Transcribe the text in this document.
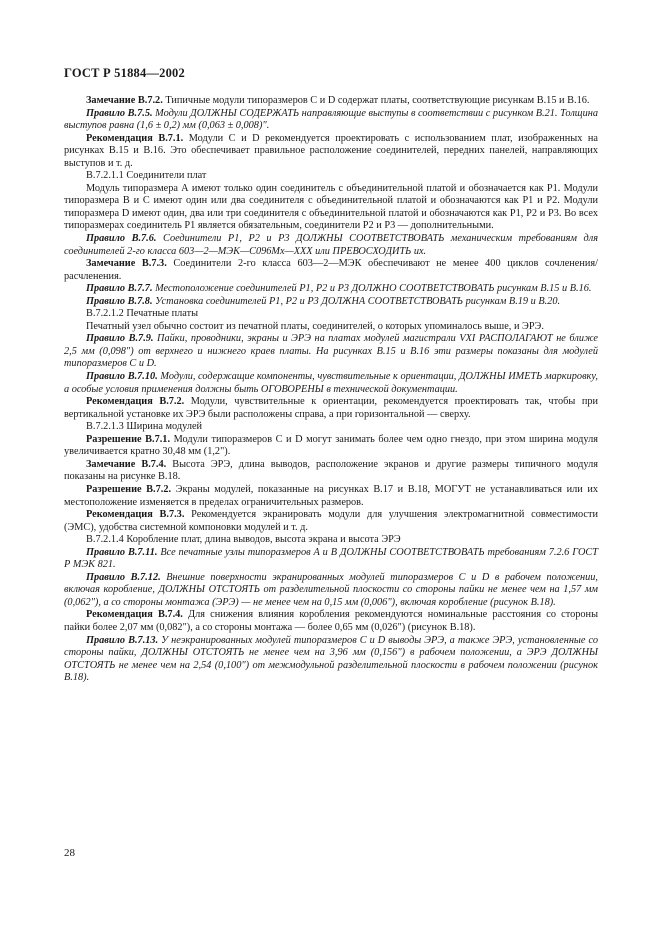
ГОСТ Р 51884—2002

Замечание В.7.2. Типичные модули типоразмеров С и D содержат платы, соответствующие рисункам В.15 и В.16.

Правило В.7.5. Модули ДОЛЖНЫ СОДЕРЖАТЬ направляющие выступы в соответствии с рисунком В.21. Толщина выступов равна (1,6 ± 0,2) мм (0,063 ± 0,008)".

Рекомендация В.7.1. Модули С и D рекомендуется проектировать с использованием плат, изображенных на рисунках В.15 и В.16. Это обеспечивает правильное расположение соединителей, передних панелей, направляющих выступов и т. д.

В.7.2.1.1 Соединители плат

Модуль типоразмера А имеют только один соединитель с объединительной платой и обозначается как Р1. Модули типоразмера В и С имеют один или два соединителя с объединительной платой и обозначаются как Р1 и Р2. Модули типоразмера D имеют один, два или три соединителя с объединительной платой и обозначаются как Р1, Р2 и Р3. Во всех типоразмерах соединитель Р1 является обязательным, соединители Р2 и Р3 — дополнительными.

Правило В.7.6. Соединители Р1, Р2 и Р3 ДОЛЖНЫ СООТВЕТСТВОВАТЬ механическим требованиям для соединителей 2-го класса 603—2—МЭК—С096Мх—ХХХ или ПРЕВОСХОДИТЬ их.

Замечание В.7.3. Соединители 2-го класса 603—2—МЭК обеспечивают не менее 400 циклов сочленения/расчленения.

Правило В.7.7. Местоположение соединителей Р1, Р2 и Р3 ДОЛЖНО СООТВЕТСТВОВАТЬ рисункам В.15 и В.16.

Правило В.7.8. Установка соединителей Р1, Р2 и Р3 ДОЛЖНА СООТВЕТСТВОВАТЬ рисункам В.19 и В.20.

В.7.2.1.2 Печатные платы

Печатный узел обычно состоит из печатной платы, соединителей, о которых упоминалось выше, и ЭРЭ.

Правило В.7.9. Пайки, проводники, экраны и ЭРЭ на платах модулей магистрали VXI РАСПОЛАГАЮТ не ближе 2,5 мм (0,098") от верхнего и нижнего краев платы. На рисунках В.15 и В.16 эти размеры показаны для модулей типоразмеров С и D.

Правило В.7.10. Модули, содержащие компоненты, чувствительные к ориентации, ДОЛЖНЫ ИМЕТЬ маркировку, а особые условия применения должны быть ОГОВОРЕНЫ в технической документации.

Рекомендация В.7.2. Модули, чувствительные к ориентации, рекомендуется проектировать так, чтобы при вертикальной установке их ЭРЭ были расположены справа, а при горизонтальной — сверху.

В.7.2.1.3 Ширина модулей

Разрешение В.7.1. Модули типоразмеров С и D могут занимать более чем одно гнездо, при этом ширина модуля увеличивается кратно 30,48 мм (1,2").

Замечание В.7.4. Высота ЭРЭ, длина выводов, расположение экранов и другие размеры типичного модуля показаны на рисунке В.18.

Разрешение В.7.2. Экраны модулей, показанные на рисунках В.17 и В.18, МОГУТ не устанавливаться или их местоположение изменяется в пределах ограничительных размеров.

Рекомендация В.7.3. Рекомендуется экранировать модули для улучшения электромагнитной совместимости (ЭМС), удобства системной компоновки модулей и т. д.

В.7.2.1.4 Коробление плат, длина выводов, высота экрана и высота ЭРЭ

Правило В.7.11. Все печатные узлы типоразмеров А и В ДОЛЖНЫ СООТВЕТСТВОВАТЬ требованиям 7.2.6 ГОСТ Р МЭК 821.

Правило В.7.12. Внешние поверхности экранированных модулей типоразмеров С и D в рабочем положении, включая коробление, ДОЛЖНЫ ОТСТОЯТЬ от разделительной плоскости со стороны пайки не менее чем на 1,57 мм (0,062"), а со стороны монтажа (ЭРЭ) — не менее чем на 0,15 мм (0,006"), включая коробление (рисунок В.18).

Рекомендация В.7.4. Для снижения влияния коробления рекомендуются номинальные расстояния со стороны пайки более 2,07 мм (0,082"), а со стороны монтажа — более 0,65 мм (0,026") (рисунок В.18).

Правило В.7.13. У неэкранированных модулей типоразмеров С и D выводы ЭРЭ, а также ЭРЭ, установленные со стороны пайки, ДОЛЖНЫ ОТСТОЯТЬ не менее чем на 3,96 мм (0,156") в рабочем положении, а ЭРЭ ДОЛЖНЫ ОТСТОЯТЬ не менее чем на 2,54 (0,100") от межмодульной разделительной плоскости в рабочем положении (рисунок В.18).

28
